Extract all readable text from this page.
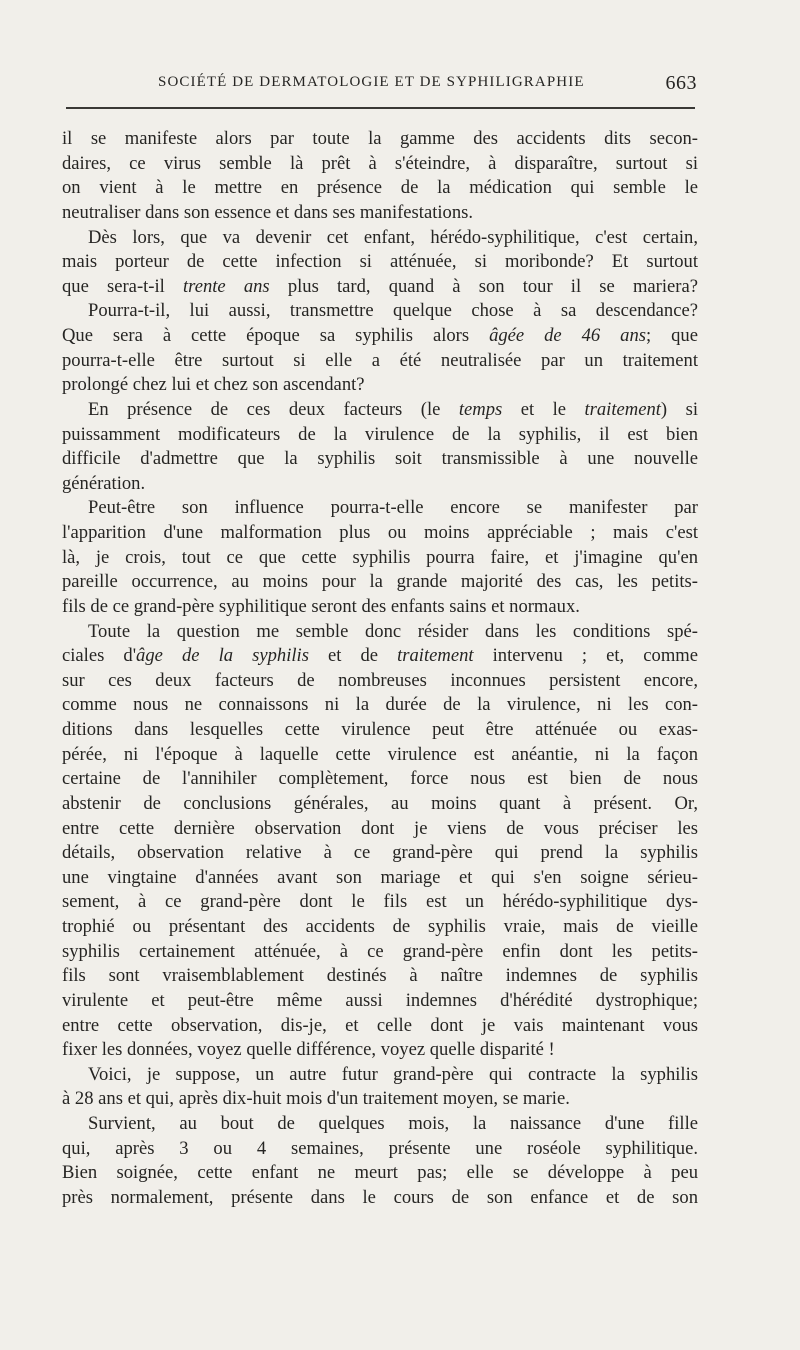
SOCIÉTÉ DE DERMATOLOGIE ET DE SYPHILIGRAPHIE	663
il se manifeste alors par toute la gamme des accidents dits secon-
daires, ce virus semble là prêt à s'éteindre, à disparaître, surtout si
on vient à le mettre en présence de la médication qui semble le
neutraliser dans son essence et dans ses manifestations.
Dès lors, que va devenir cet enfant, hérédo-syphilitique, c'est certain,
mais porteur de cette infection si atténuée, si moribonde? Et surtout
que sera-t-il trente ans plus tard, quand à son tour il se mariera?
Pourra-t-il, lui aussi, transmettre quelque chose à sa descendance?
Que sera à cette époque sa syphilis alors âgée de 46 ans; que
pourra-t-elle être surtout si elle a été neutralisée par un traitement
prolongé chez lui et chez son ascendant?
En présence de ces deux facteurs (le temps et le traitement) si
puissamment modificateurs de la virulence de la syphilis, il est bien
difficile d'admettre que la syphilis soit transmissible à une nouvelle
génération.
Peut-être son influence pourra-t-elle encore se manifester par
l'apparition d'une malformation plus ou moins appréciable ; mais c'est
là, je crois, tout ce que cette syphilis pourra faire, et j'imagine qu'en
pareille occurrence, au moins pour la grande majorité des cas, les petits-
fils de ce grand-père syphilitique seront des enfants sains et normaux.
Toute la question me semble donc résider dans les conditions spé-
ciales d'âge de la syphilis et de traitement intervenu ; et, comme
sur ces deux facteurs de nombreuses inconnues persistent encore,
comme nous ne connaissons ni la durée de la virulence, ni les con-
ditions dans lesquelles cette virulence peut être atténuée ou exas-
pérée, ni l'époque à laquelle cette virulence est anéantie, ni la façon
certaine de l'annihiler complètement, force nous est bien de nous
abstenir de conclusions générales, au moins quant à présent. Or,
entre cette dernière observation dont je viens de vous préciser les
détails, observation relative à ce grand-père qui prend la syphilis
une vingtaine d'années avant son mariage et qui s'en soigne sérieu-
sement, à ce grand-père dont le fils est un hérédo-syphilitique dys-
trophié ou présentant des accidents de syphilis vraie, mais de vieille
syphilis certainement atténuée, à ce grand-père enfin dont les petits-
fils sont vraisemblablement destinés à naître indemnes de syphilis
virulente et peut-être même aussi indemnes d'hérédité dystrophique;
entre cette observation, dis-je, et celle dont je vais maintenant vous
fixer les données, voyez quelle différence, voyez quelle disparité !
Voici, je suppose, un autre futur grand-père qui contracte la syphilis
à 28 ans et qui, après dix-huit mois d'un traitement moyen, se marie.
Survient, au bout de quelques mois, la naissance d'une fille
qui, après 3 ou 4 semaines, présente une roséole syphilitique.
Bien soignée, cette enfant ne meurt pas; elle se développe à peu
près normalement, présente dans le cours de son enfance et de son
